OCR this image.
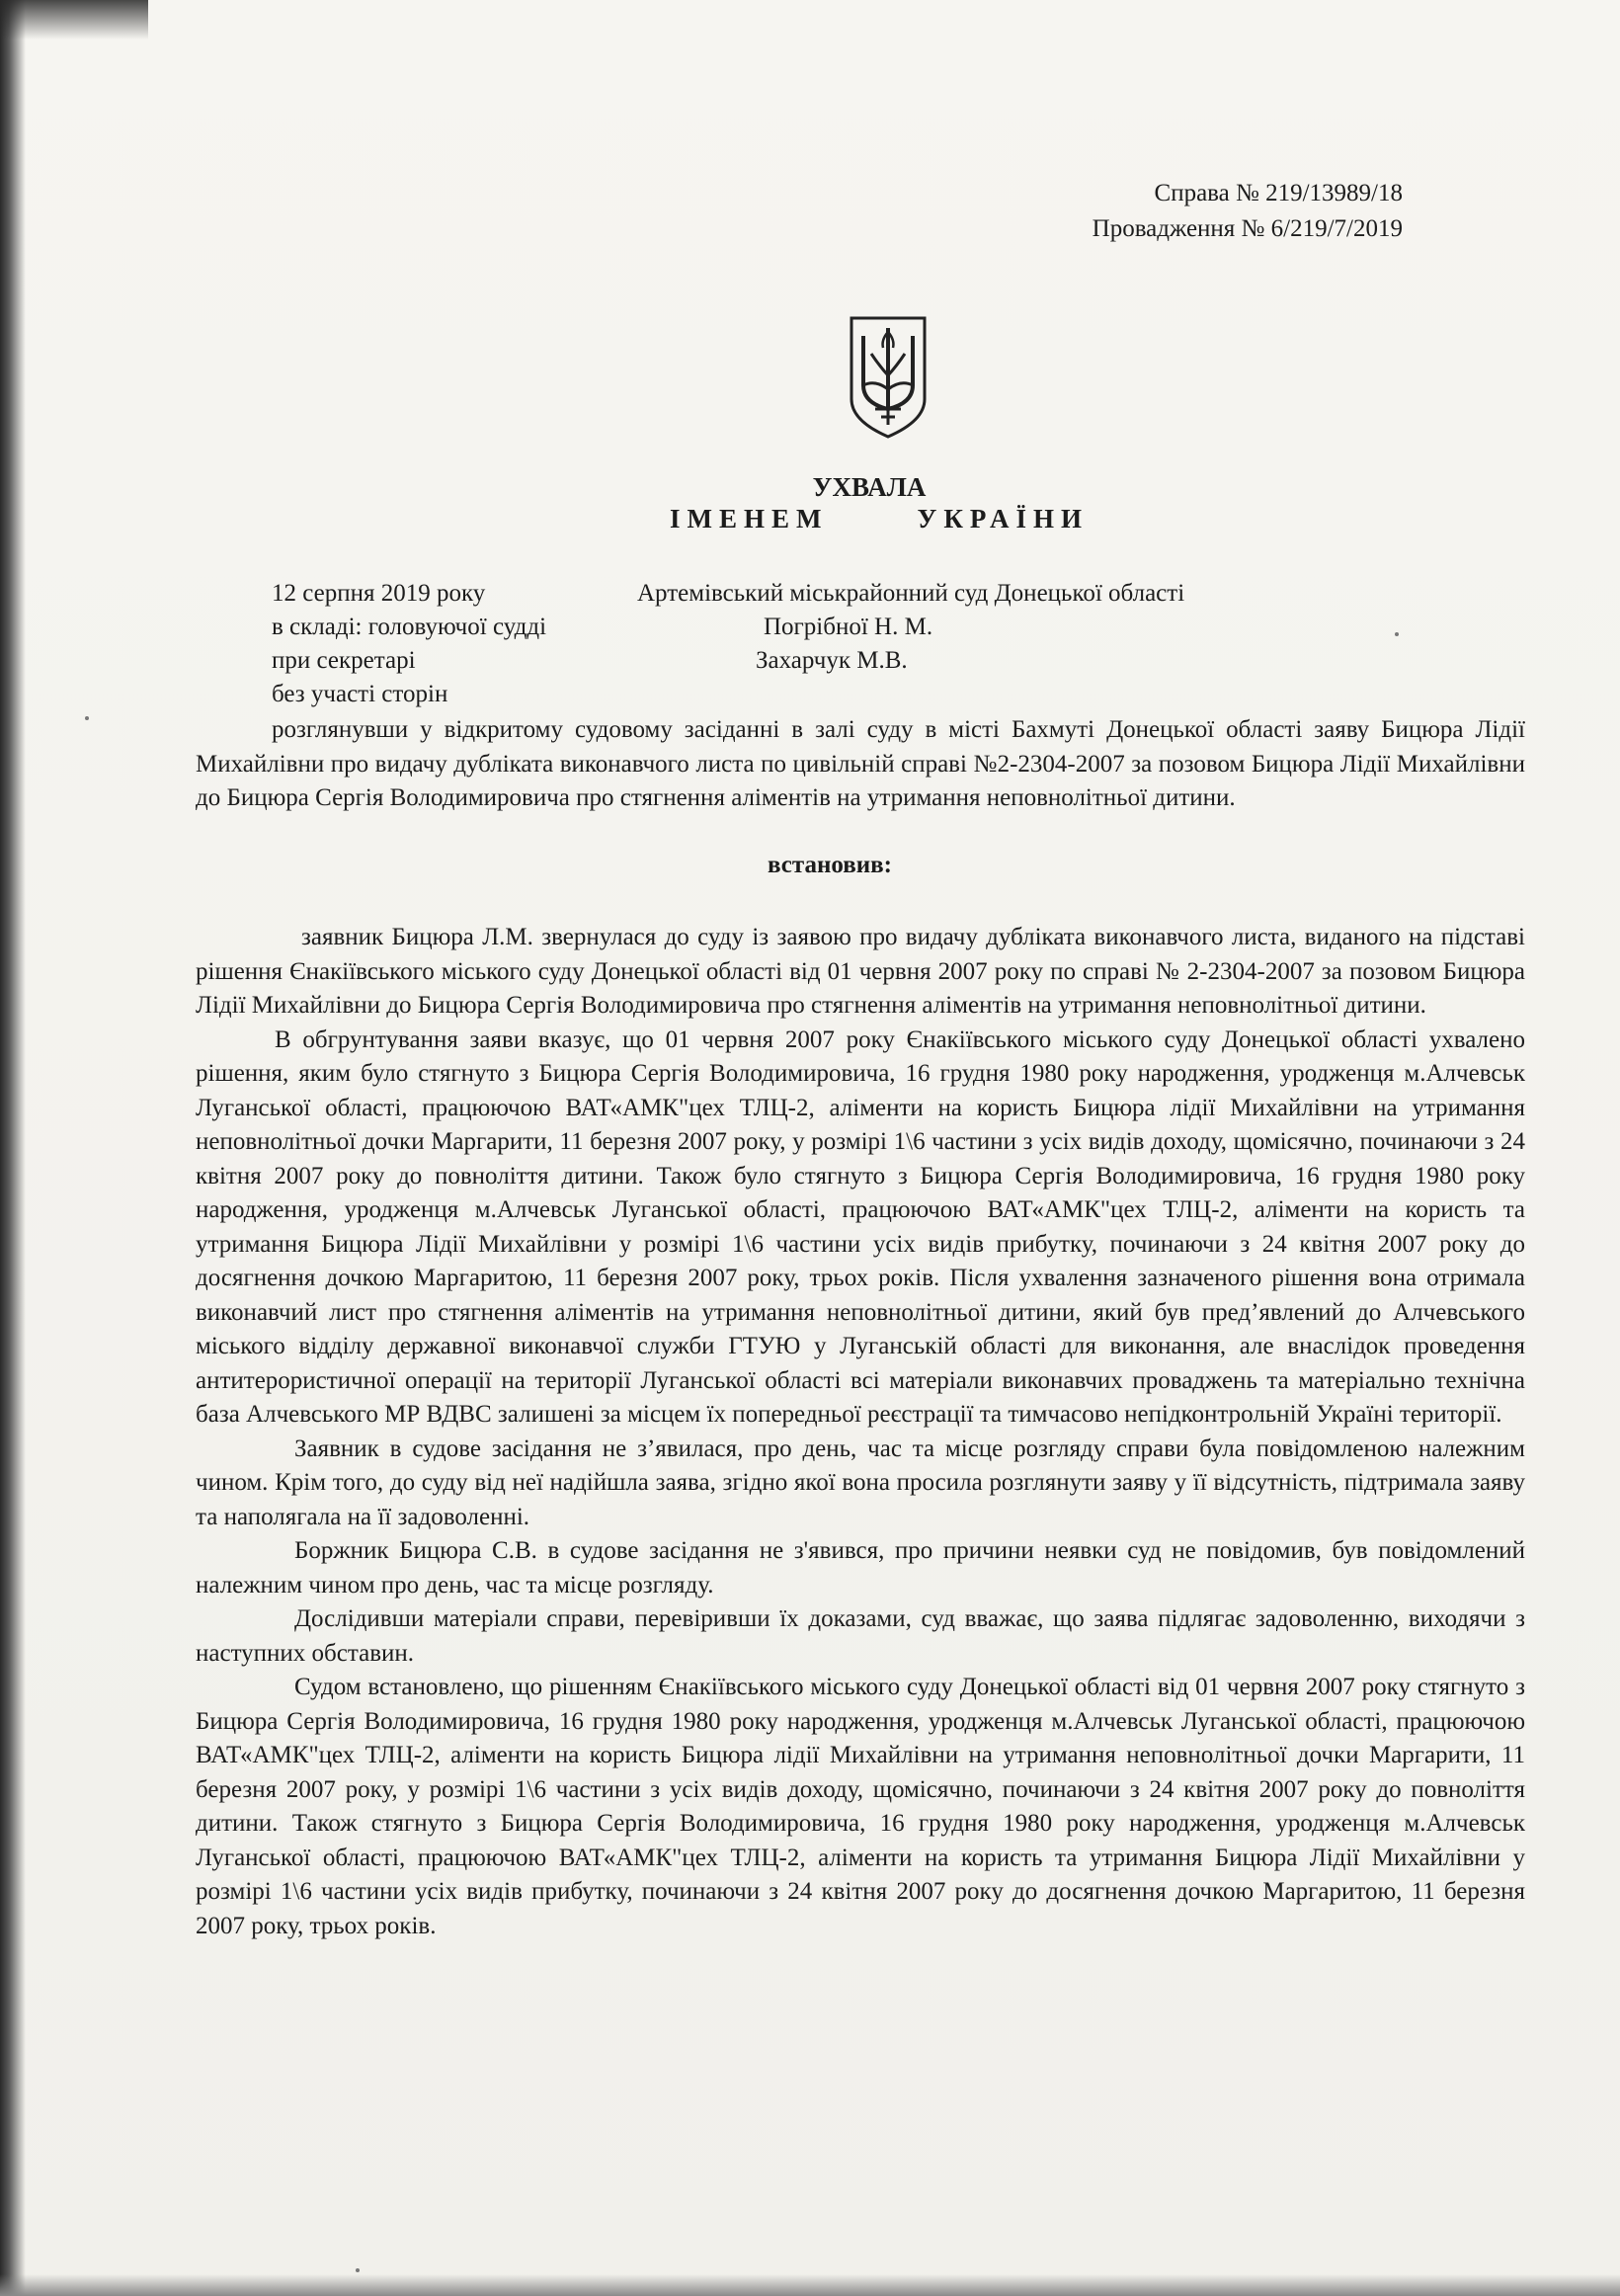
Справа № 219/13989/18
Провадження № 6/219/7/2019
УХВАЛА
ІМЕНЕМ	УКРАЇНИ
12 серпня 2019 року	Артемівський міськрайонний суд Донецької області
в складі: головуючої судді	Погрібної Н. М.
при секретарі	Захарчук М.В.
без участі сторін

розглянувши у відкритому судовому засіданні в залі суду в місті Бахмуті Донецької області заяву Бицюра Лідії Михайлівни про видачу дубліката виконавчого листа по цивільній справі №2-2304-2007 за позовом Бицюра Лідії Михайлівни до Бицюра Сергія Володимировича про стягнення аліментів на утримання неповнолітньої дитини.

встановив:

заявник Бицюра Л.М. звернулася до суду із заявою про видачу дубліката виконавчого листа, виданого на підставі рішення Єнакіївського міського суду Донецької області від 01 червня 2007 року по справі № 2-2304-2007 за позовом Бицюра Лідії Михайлівни до Бицюра Сергія Володимировича про стягнення аліментів на утримання неповнолітньої дитини.

В обгрунтування заяви вказує, що 01 червня 2007 року Єнакіївського міського суду Донецької області ухвалено рішення, яким було стягнуто з Бицюра Сергія Володимировича, 16 грудня 1980 року народження, уродженця м.Алчевськ Луганської області, працюючою ВАТ«АМК"цех ТЛЦ-2, аліменти на користь Бицюра лідії Михайлівни на утримання неповнолітньої дочки Маргарити, 11 березня 2007 року, у розмірі 1\6 частини з усіх видів доходу, щомісячно, починаючи з 24 квітня 2007 року до повноліття дитини. Також було стягнуто з Бицюра Сергія Володимировича, 16 грудня 1980 року народження, уродженця м.Алчевськ Луганської області, працюючою ВАТ«АМК"цех ТЛЦ-2, аліменти на користь та утримання Бицюра Лідії Михайлівни у розмірі 1\6 частини усіх видів прибутку, починаючи з 24 квітня 2007 року до досягнення дочкою Маргаритою, 11 березня 2007 року, трьох років. Після ухвалення зазначеного рішення вона отримала виконавчий лист про стягнення аліментів на утримання неповнолітньої дитини, який був пред’явлений до Алчевського міського відділу державної виконавчої служби ГТУЮ у Луганській області для виконання, але внаслідок проведення антитерористичної операції на території Луганської області всі матеріали виконавчих проваджень та матеріально технічна база Алчевського МР ВДВС залишені за місцем їх попередньої реєстрації та тимчасово непідконтрольній Україні території.

Заявник в судове засідання не з’явилася, про день, час та місце розгляду справи була повідомленою належним чином. Крім того, до суду від неї надійшла заява, згідно якої вона просила розглянути заяву у її відсутність, підтримала заяву та наполягала на її задоволенні.

Боржник Бицюра С.В. в судове засідання не з'явився, про причини неявки суд не повідомив, був повідомлений належним чином про день, час та місце розгляду.

Дослідивши матеріали справи, перевіривши їх доказами, суд вважає, що заява підлягає задоволенню, виходячи з наступних обставин.

Судом встановлено, що рішенням Єнакіївського міського суду Донецької області від 01 червня 2007 року стягнуто з Бицюра Сергія Володимировича, 16 грудня 1980 року народження, уродженця м.Алчевськ Луганської області, працюючою ВАТ«АМК"цех ТЛЦ-2, аліменти на користь Бицюра лідії Михайлівни на утримання неповнолітньої дочки Маргарити, 11 березня 2007 року, у розмірі 1\6 частини з усіх видів доходу, щомісячно, починаючи з 24 квітня 2007 року до повноліття дитини. Також стягнуто з Бицюра Сергія Володимировича, 16 грудня 1980 року народження, уродженця м.Алчевськ Луганської області, працюючою ВАТ«АМК"цех ТЛЦ-2, аліменти на користь та утримання Бицюра Лідії Михайлівни у розмірі 1\6 частини усіх видів прибутку, починаючи з 24 квітня 2007 року до досягнення дочкою Маргаритою, 11 березня 2007 року, трьох років.
